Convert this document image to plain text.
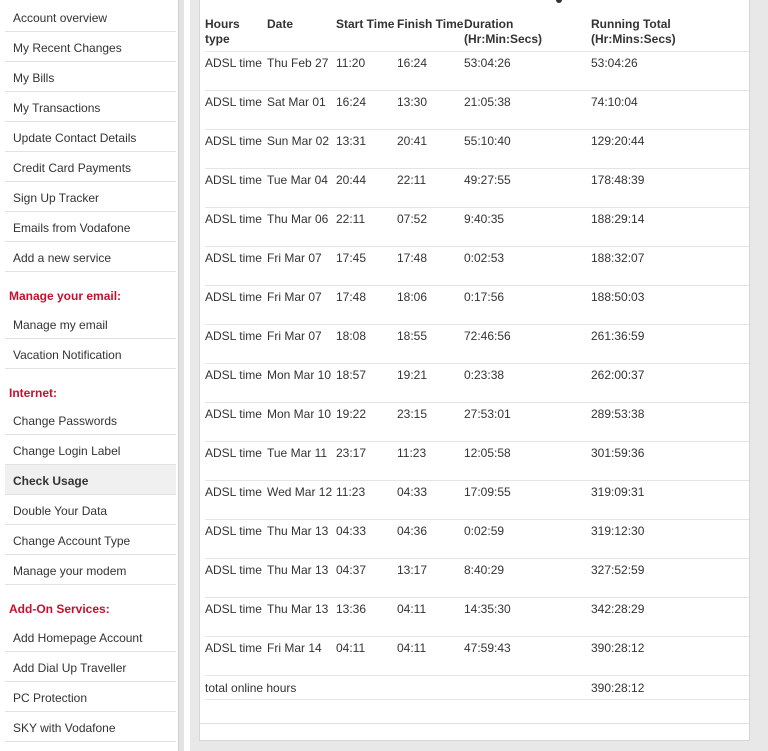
Account overview
My Recent Changes
My Bills
My Transactions
Update Contact Details
Credit Card Payments
Sign Up Tracker
Emails from Vodafone
Add a new service
Manage your email:
Manage my email
Vacation Notification
Internet:
Change Passwords
Change Login Label
Check Usage
Double Your Data
Change Account Type
Manage your modem
Add-On Services:
Add Homepage Account
Add Dial Up Traveller
PC Protection
SKY with Vodafone
Hours type	Date	Start Time	Finish Time	Duration (Hr:Min:Secs)	Running Total (Hr:Mins:Secs)
ADSL time	Thu Feb 27	11:20	16:24	53:04:26	53:04:26
ADSL time	Sat Mar 01	16:24	13:30	21:05:38	74:10:04
ADSL time	Sun Mar 02	13:31	20:41	55:10:40	129:20:44
ADSL time	Tue Mar 04	20:44	22:11	49:27:55	178:48:39
ADSL time	Thu Mar 06	22:11	07:52	9:40:35	188:29:14
ADSL time	Fri Mar 07	17:45	17:48	0:02:53	188:32:07
ADSL time	Fri Mar 07	17:48	18:06	0:17:56	188:50:03
ADSL time	Fri Mar 07	18:08	18:55	72:46:56	261:36:59
ADSL time	Mon Mar 10	18:57	19:21	0:23:38	262:00:37
ADSL time	Mon Mar 10	19:22	23:15	27:53:01	289:53:38
ADSL time	Tue Mar 11	23:17	11:23	12:05:58	301:59:36
ADSL time	Wed Mar 12	11:23	04:33	17:09:55	319:09:31
ADSL time	Thu Mar 13	04:33	04:36	0:02:59	319:12:30
ADSL time	Thu Mar 13	04:37	13:17	8:40:29	327:52:59
ADSL time	Thu Mar 13	13:36	04:11	14:35:30	342:28:29
ADSL time	Fri Mar 14	04:11	04:11	47:59:43	390:28:12
total online hours					390:28:12
